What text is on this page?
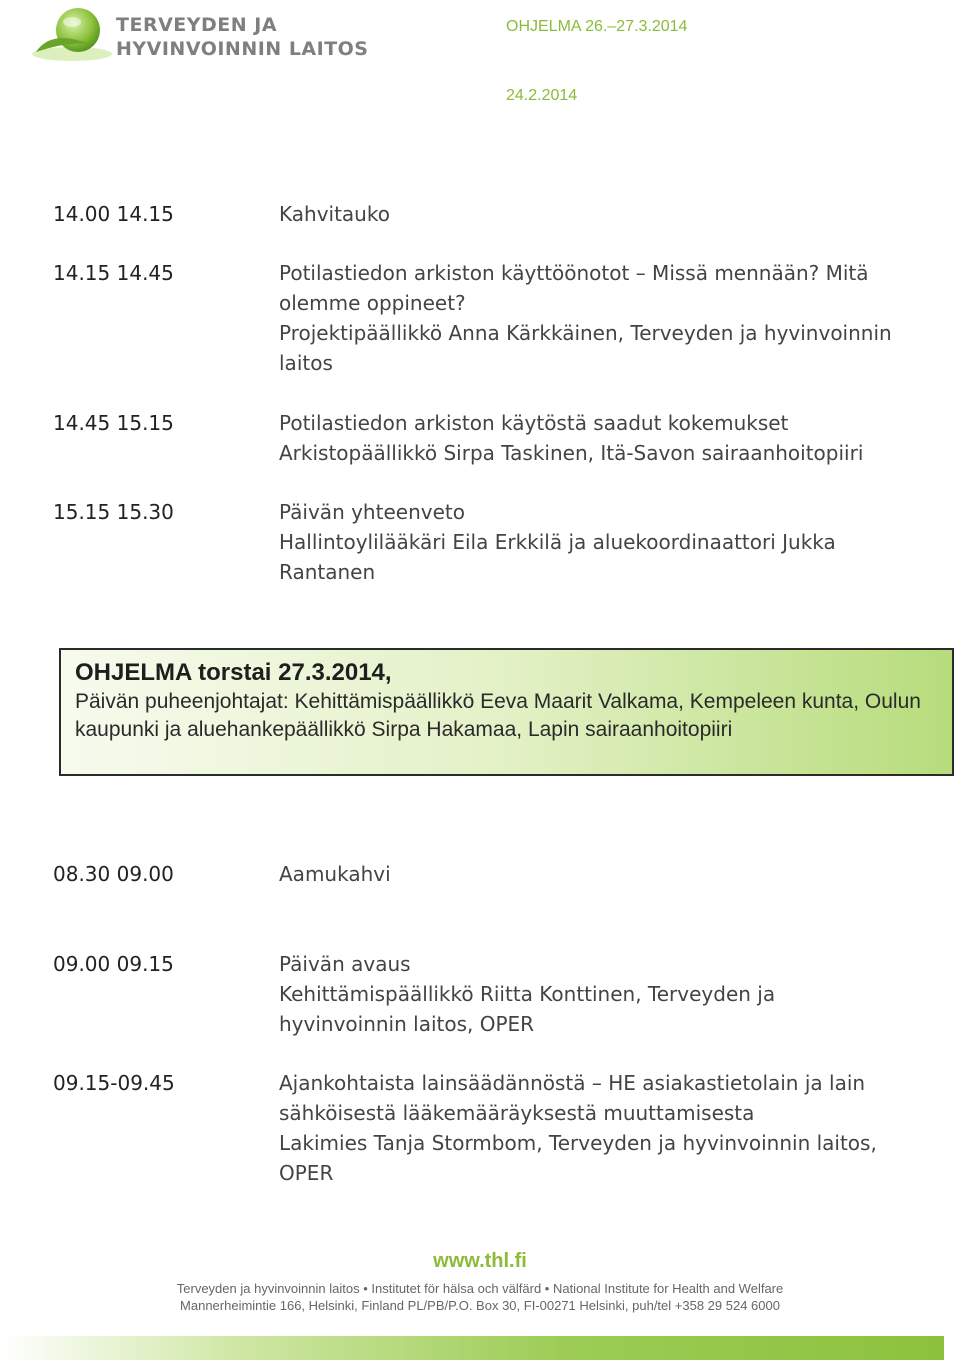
TERVEYDEN JA
HYVINVOINNIN LAITOS
OHJELMA 26.–27.3.2014
24.2.2014
14.00 14.15	Kahvitauko
14.15 14.45	Potilastiedon arkiston käyttöönotot – Missä mennään? Mitä
olemme oppineet?
Projektipäällikkö Anna Kärkkäinen, Terveyden ja hyvinvoinnin
laitos
14.45 15.15	Potilastiedon arkiston käytöstä saadut kokemukset
Arkistopäällikkö Sirpa Taskinen, Itä-Savon sairaanhoitopiiri
15.15 15.30	Päivän yhteenveto
Hallintoylilääkäri Eila Erkkilä ja aluekoordinaattori Jukka
Rantanen
OHJELMA torstai 27.3.2014,
Päivän puheenjohtajat: Kehittämispäällikkö Eeva Maarit Valkama, Kempeleen kunta, Oulun kaupunki ja aluehankepäällikkö Sirpa Hakamaa, Lapin sairaanhoitopiiri
08.30 09.00	Aamukahvi
09.00 09.15	Päivän avaus
Kehittämispäällikkö Riitta Konttinen, Terveyden ja
hyvinvoinnin laitos, OPER
09.15-09.45	Ajankohtaista lainsäädännöstä – HE asiakastietolain ja lain
sähköisestä lääkemääräyksestä muuttamisesta
Lakimies Tanja Stormbom, Terveyden ja hyvinvoinnin laitos,
OPER
www.thl.fi
Terveyden ja hyvinvoinnin laitos • Institutet för hälsa och välfärd • National Institute for Health and Welfare
Mannerheimintie 166, Helsinki, Finland PL/PB/P.O. Box 30, FI-00271 Helsinki, puh/tel +358 29 524 6000
